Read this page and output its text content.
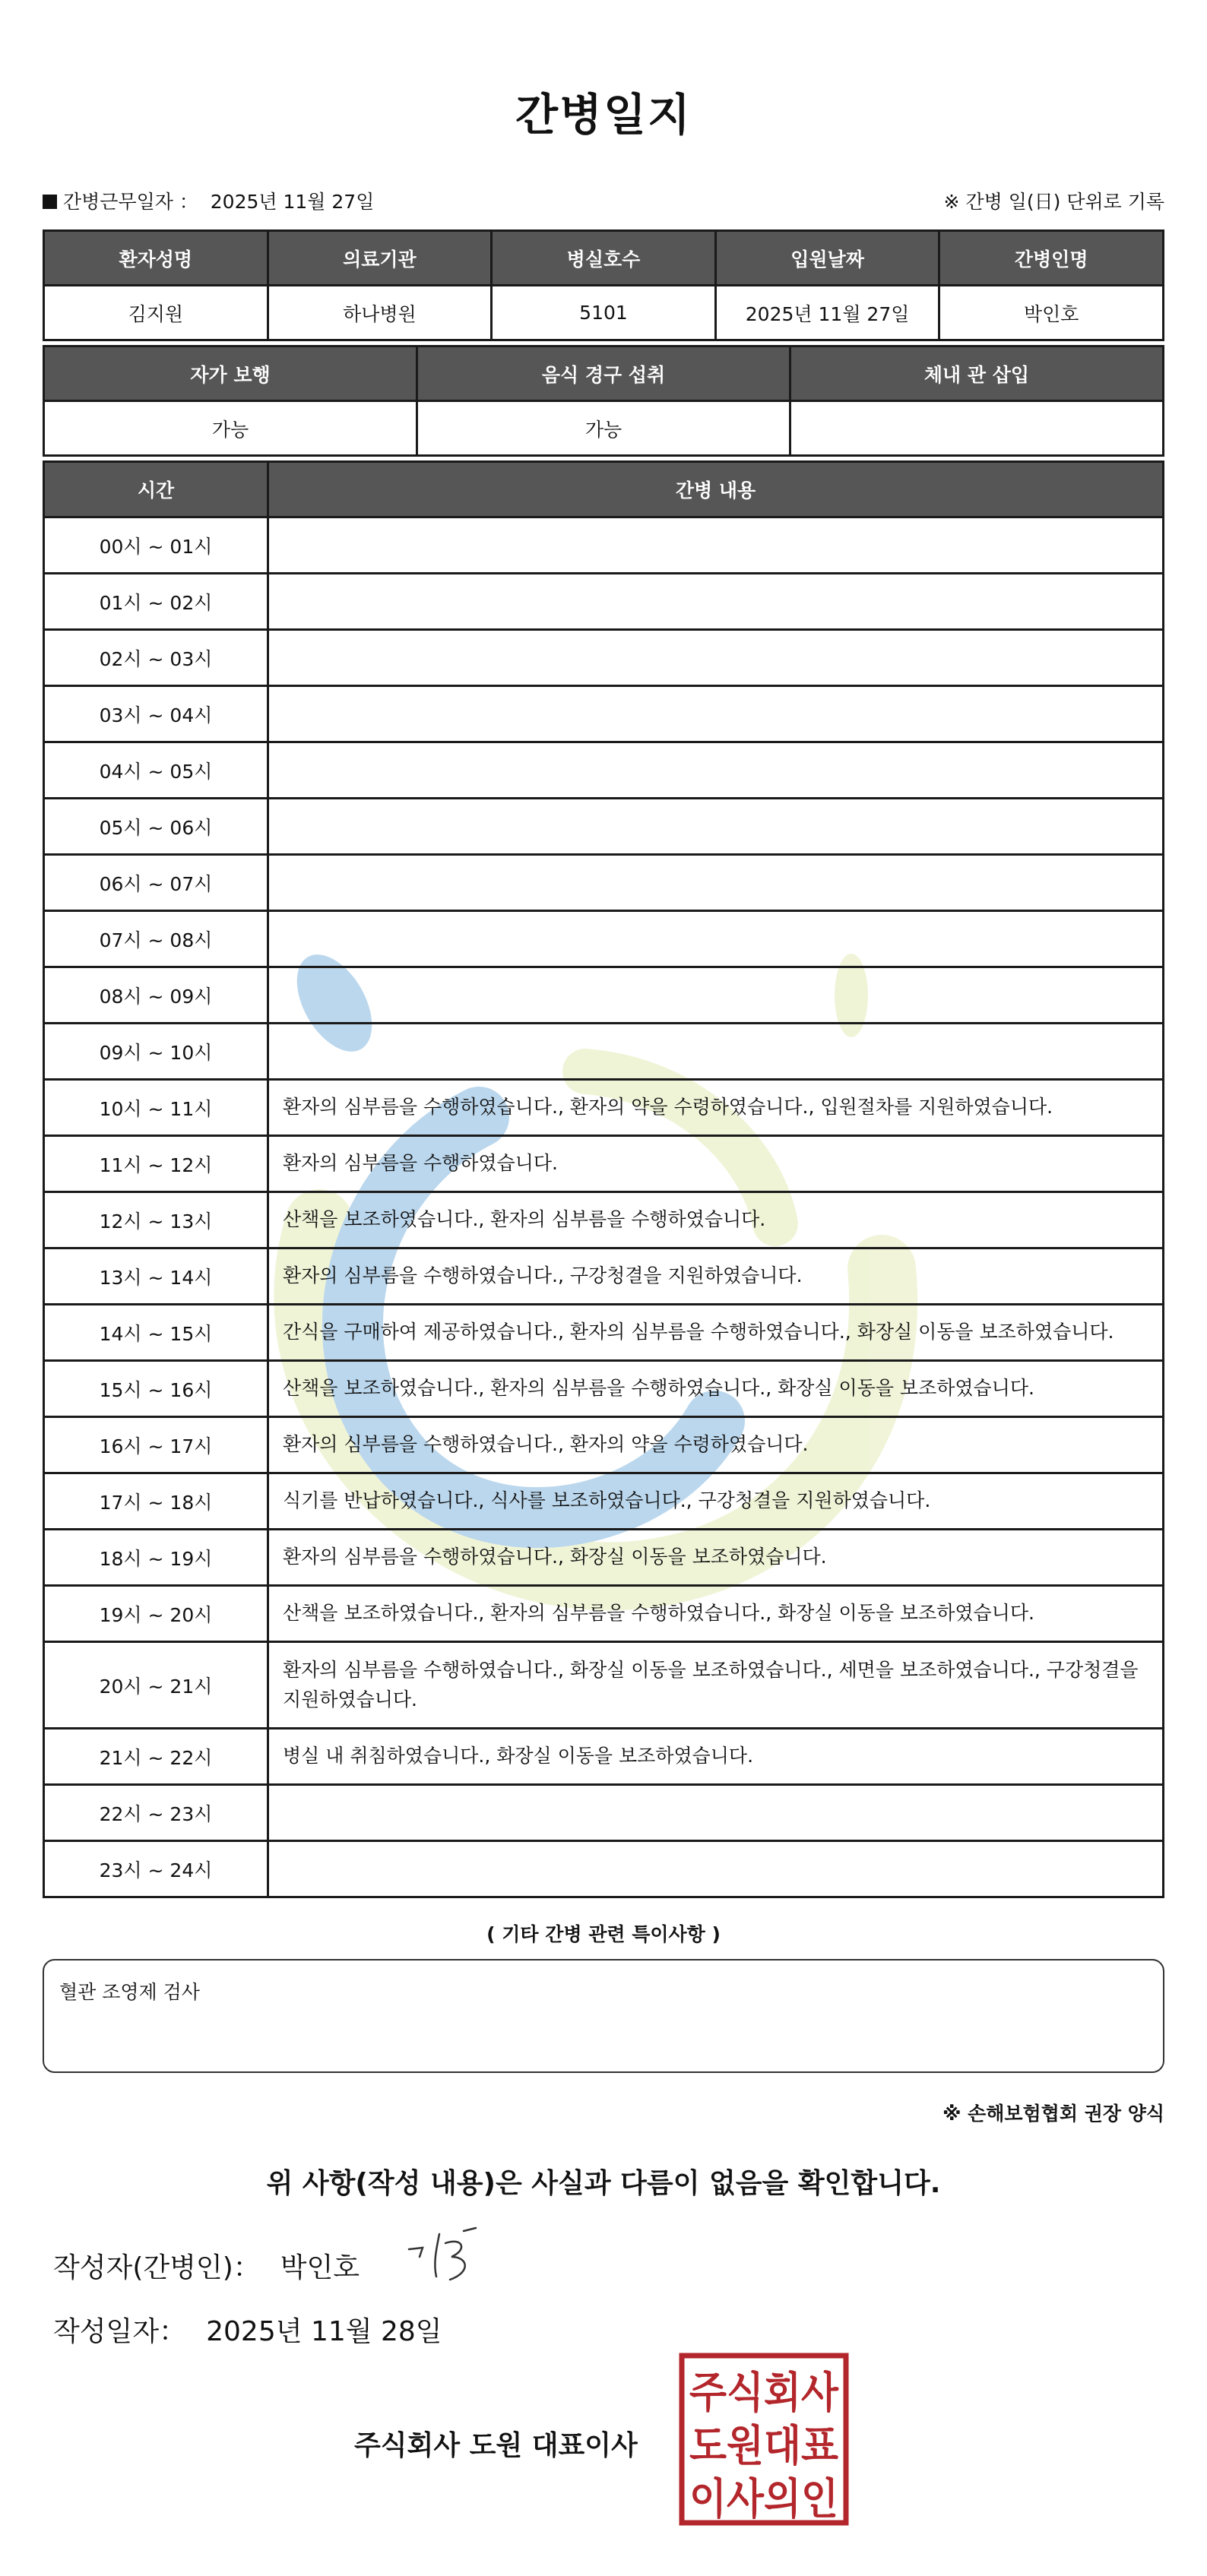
간병일지
간병근무일자 ： 2025년 11월 27일	※ 간병 일(日) 단위로 기록
환자성명	의료기관	병실호수	입원날짜	간병인명
김지원	하나병원	5101	2025년 11월 27일	박인호
자가 보행	음식 경구 섭취	체내 관 삽입
가능	가능	
시간	간병 내용
00시 ~ 01시	
01시 ~ 02시	
02시 ~ 03시	
03시 ~ 04시	
04시 ~ 05시	
05시 ~ 06시	
06시 ~ 07시	
07시 ~ 08시	
08시 ~ 09시	
09시 ~ 10시	
10시 ~ 11시	환자의 심부름을 수행하였습니다., 환자의 약을 수령하였습니다., 입원절차를 지원하였습니다.
11시 ~ 12시	환자의 심부름을 수행하였습니다.
12시 ~ 13시	산책을 보조하였습니다., 환자의 심부름을 수행하였습니다.
13시 ~ 14시	환자의 심부름을 수행하였습니다., 구강청결을 지원하였습니다.
14시 ~ 15시	간식을 구매하여 제공하였습니다., 환자의 심부름을 수행하였습니다., 화장실 이동을 보조하였습니다.
15시 ~ 16시	산책을 보조하였습니다., 환자의 심부름을 수행하였습니다., 화장실 이동을 보조하였습니다.
16시 ~ 17시	환자의 심부름을 수행하였습니다., 환자의 약을 수령하였습니다.
17시 ~ 18시	식기를 반납하였습니다., 식사를 보조하였습니다., 구강청결을 지원하였습니다.
18시 ~ 19시	환자의 심부름을 수행하였습니다., 화장실 이동을 보조하였습니다.
19시 ~ 20시	산책을 보조하였습니다., 환자의 심부름을 수행하였습니다., 화장실 이동을 보조하였습니다.
20시 ~ 21시	환자의 심부름을 수행하였습니다., 화장실 이동을 보조하였습니다., 세면을 보조하였습니다., 구강청결을 지원하였습니다.
21시 ~ 22시	병실 내 취침하였습니다., 화장실 이동을 보조하였습니다.
22시 ~ 23시	
23시 ~ 24시	
( 기타 간병 관련 특이사항 )
혈관 조영제 검사
※ 손해보험협회 권장 양식
위 사항(작성 내용)은 사실과 다름이 없음을 확인합니다.
작성자(간병인)： 박인호
작성일자： 2025년 11월 28일
주식회사 도원 대표이사
주식회사
도원대표
이사의인
